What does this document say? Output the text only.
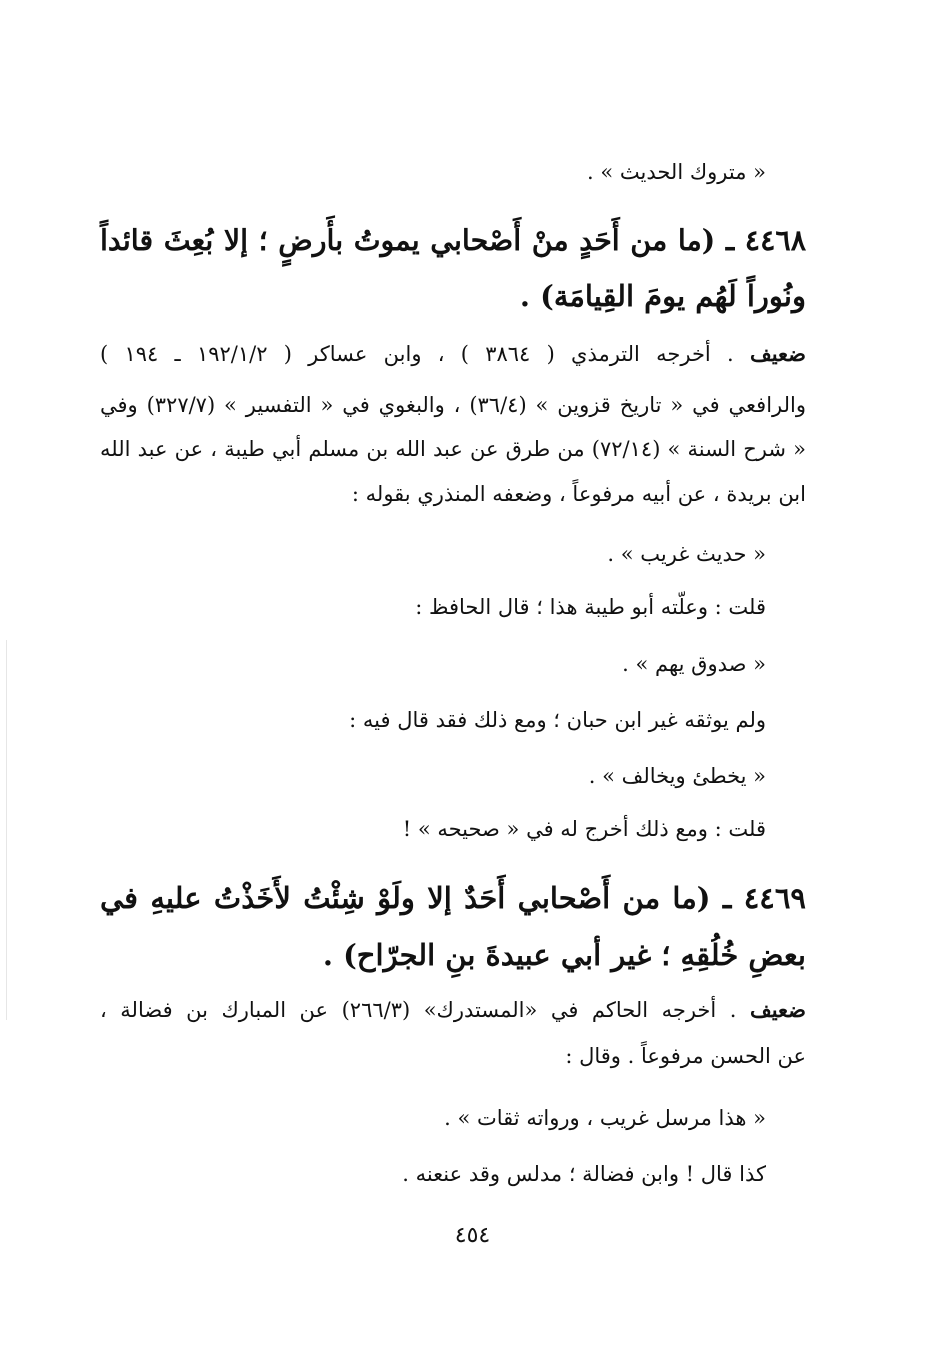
« متروك الحديث » .
٤٤٦٨ ـ (ما من أَحَدٍ منْ أَصْحابي يموتُ بأَرضٍ ؛ إلا بُعِثَ قائداً
ونُوراً لَهُم يومَ القِيامَة) .
ضعيف . أخرجه الترمذي ( ٣٨٦٤ ) ، وابن عساكر ( ١٩٢/١/٢ ـ ١٩٤ )
والرافعي في « تاريخ قزوين » (٣٦/٤) ، والبغوي في « التفسير » (٣٢٧/٧) وفي
« شرح السنة » (٧٢/١٤) من طرق عن عبد الله بن مسلم أبي طيبة ، عن عبد الله
ابن بريدة ، عن أبيه مرفوعاً ، وضعفه المنذري بقوله :
« حديث غريب » .
قلت : وعلّته أبو طيبة هذا ؛ قال الحافظ :
« صدوق يهم » .
ولم يوثقه غير ابن حبان ؛ ومع ذلك فقد قال فيه :
« يخطئ ويخالف » .
قلت : ومع ذلك أخرج له في « صحيحه » !
٤٤٦٩ ـ (ما من أَصْحابي أَحَدٌ إلا ولَوْ شِئْتُ لأَخَذْتُ عليهِ في
بعضِ خُلُقِهِ ؛ غير أبي عبيدةَ بنِ الجرّاح) .
ضعيف . أخرجه الحاكم في «المستدرك» (٢٦٦/٣) عن المبارك بن فضالة ،
عن الحسن مرفوعاً . وقال :
« هذا مرسل غريب ، ورواته ثقات » .
كذا قال ! وابن فضالة ؛ مدلس وقد عنعنه .
٤٥٤
